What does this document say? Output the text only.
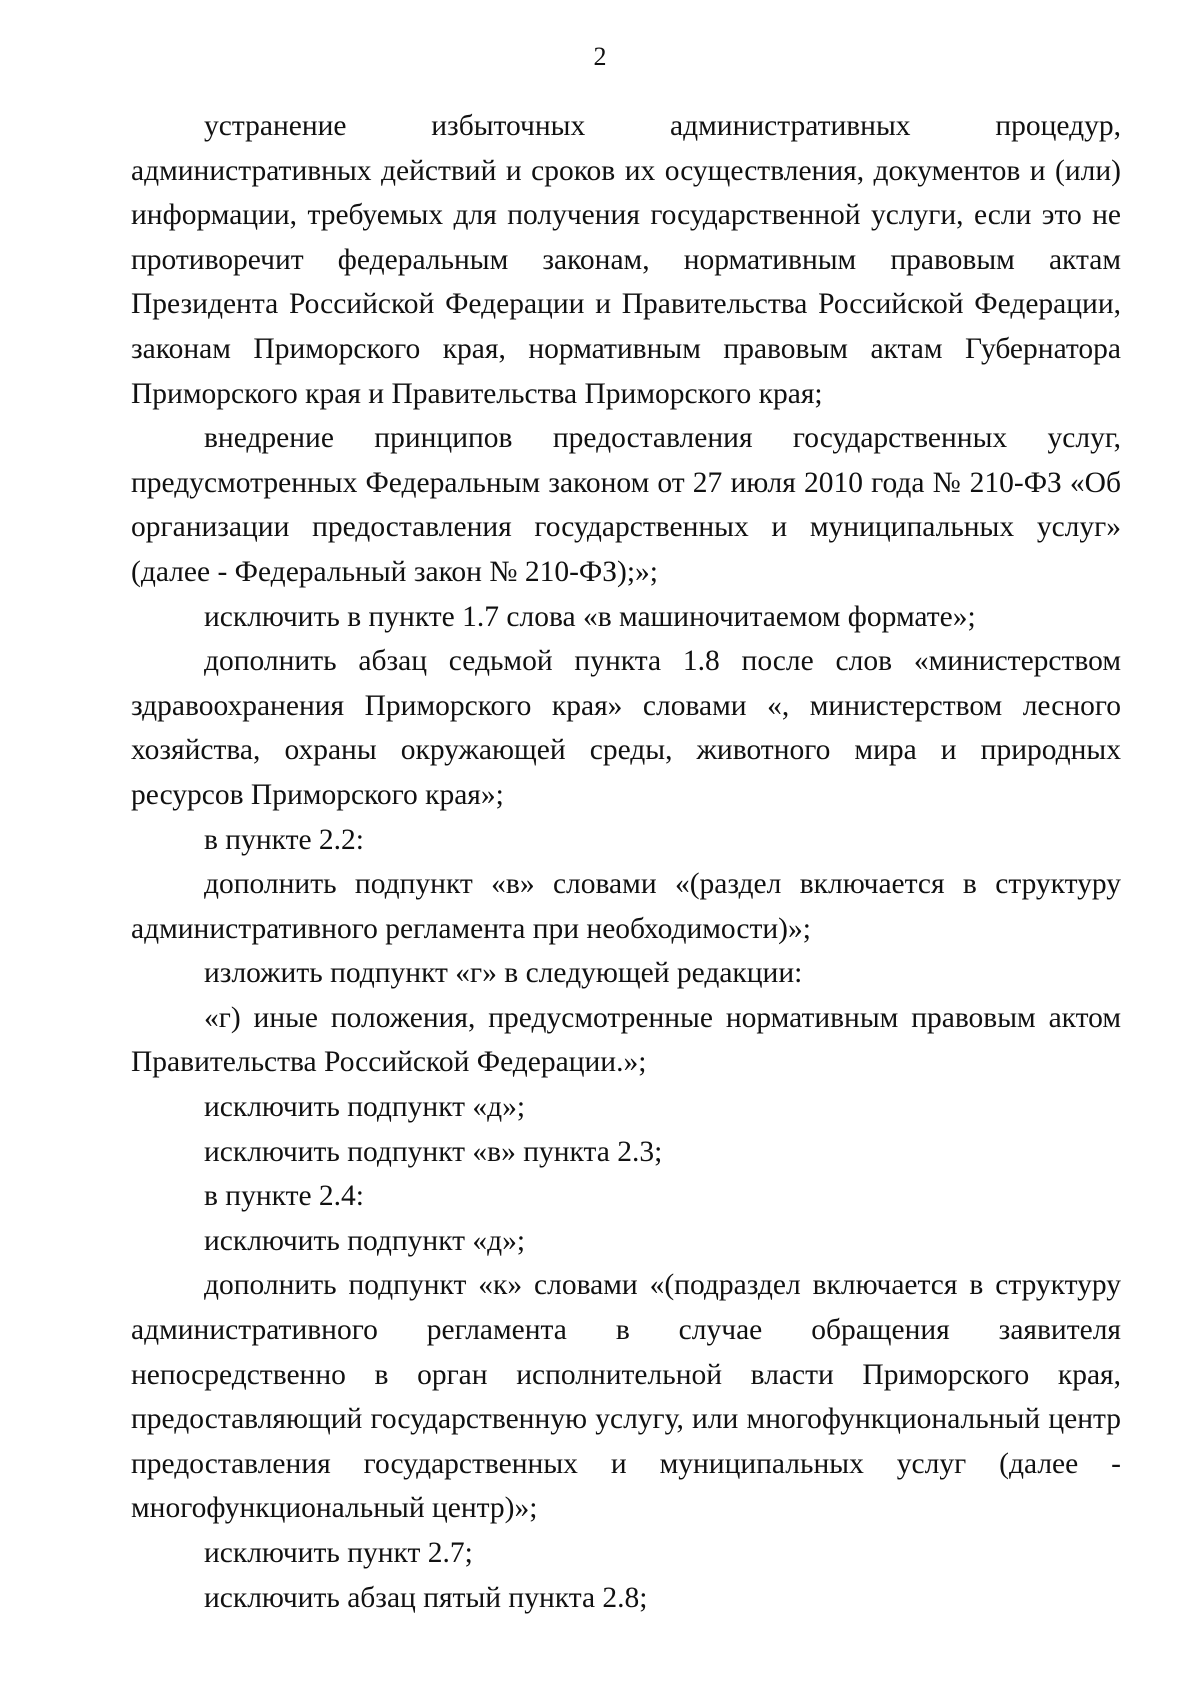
2

устранение избыточных административных процедур, административных действий и сроков их осуществления, документов и (или) информации, требуемых для получения государственной услуги, если это не противоречит федеральным законам, нормативным правовым актам Президента Российской Федерации и Правительства Российской Федерации, законам Приморского края, нормативным правовым актам Губернатора Приморского края и Правительства Приморского края;

внедрение принципов предоставления государственных услуг, предусмотренных Федеральным законом от 27 июля 2010 года № 210-ФЗ «Об организации предоставления государственных и муниципальных услуг» (далее - Федеральный закон № 210-ФЗ);»;

исключить в пункте 1.7 слова «в машиночитаемом формате»;

дополнить абзац седьмой пункта 1.8 после слов «министерством здравоохранения Приморского края» словами «, министерством лесного хозяйства, охраны окружающей среды, животного мира и природных ресурсов Приморского края»;

в пункте 2.2:

дополнить подпункт «в» словами «(раздел включается в структуру административного регламента при необходимости)»;

изложить подпункт «г» в следующей редакции:

«г) иные положения, предусмотренные нормативным правовым актом Правительства Российской Федерации.»;

исключить подпункт «д»;

исключить подпункт «в» пункта 2.3;

в пункте 2.4:

исключить подпункт «д»;

дополнить подпункт «к» словами «(подраздел включается в структуру административного регламента в случае обращения заявителя непосредственно в орган исполнительной власти Приморского края, предоставляющий государственную услугу, или многофункциональный центр предоставления государственных и муниципальных услуг (далее - многофункциональный центр)»;

исключить пункт 2.7;

исключить абзац пятый пункта 2.8;
